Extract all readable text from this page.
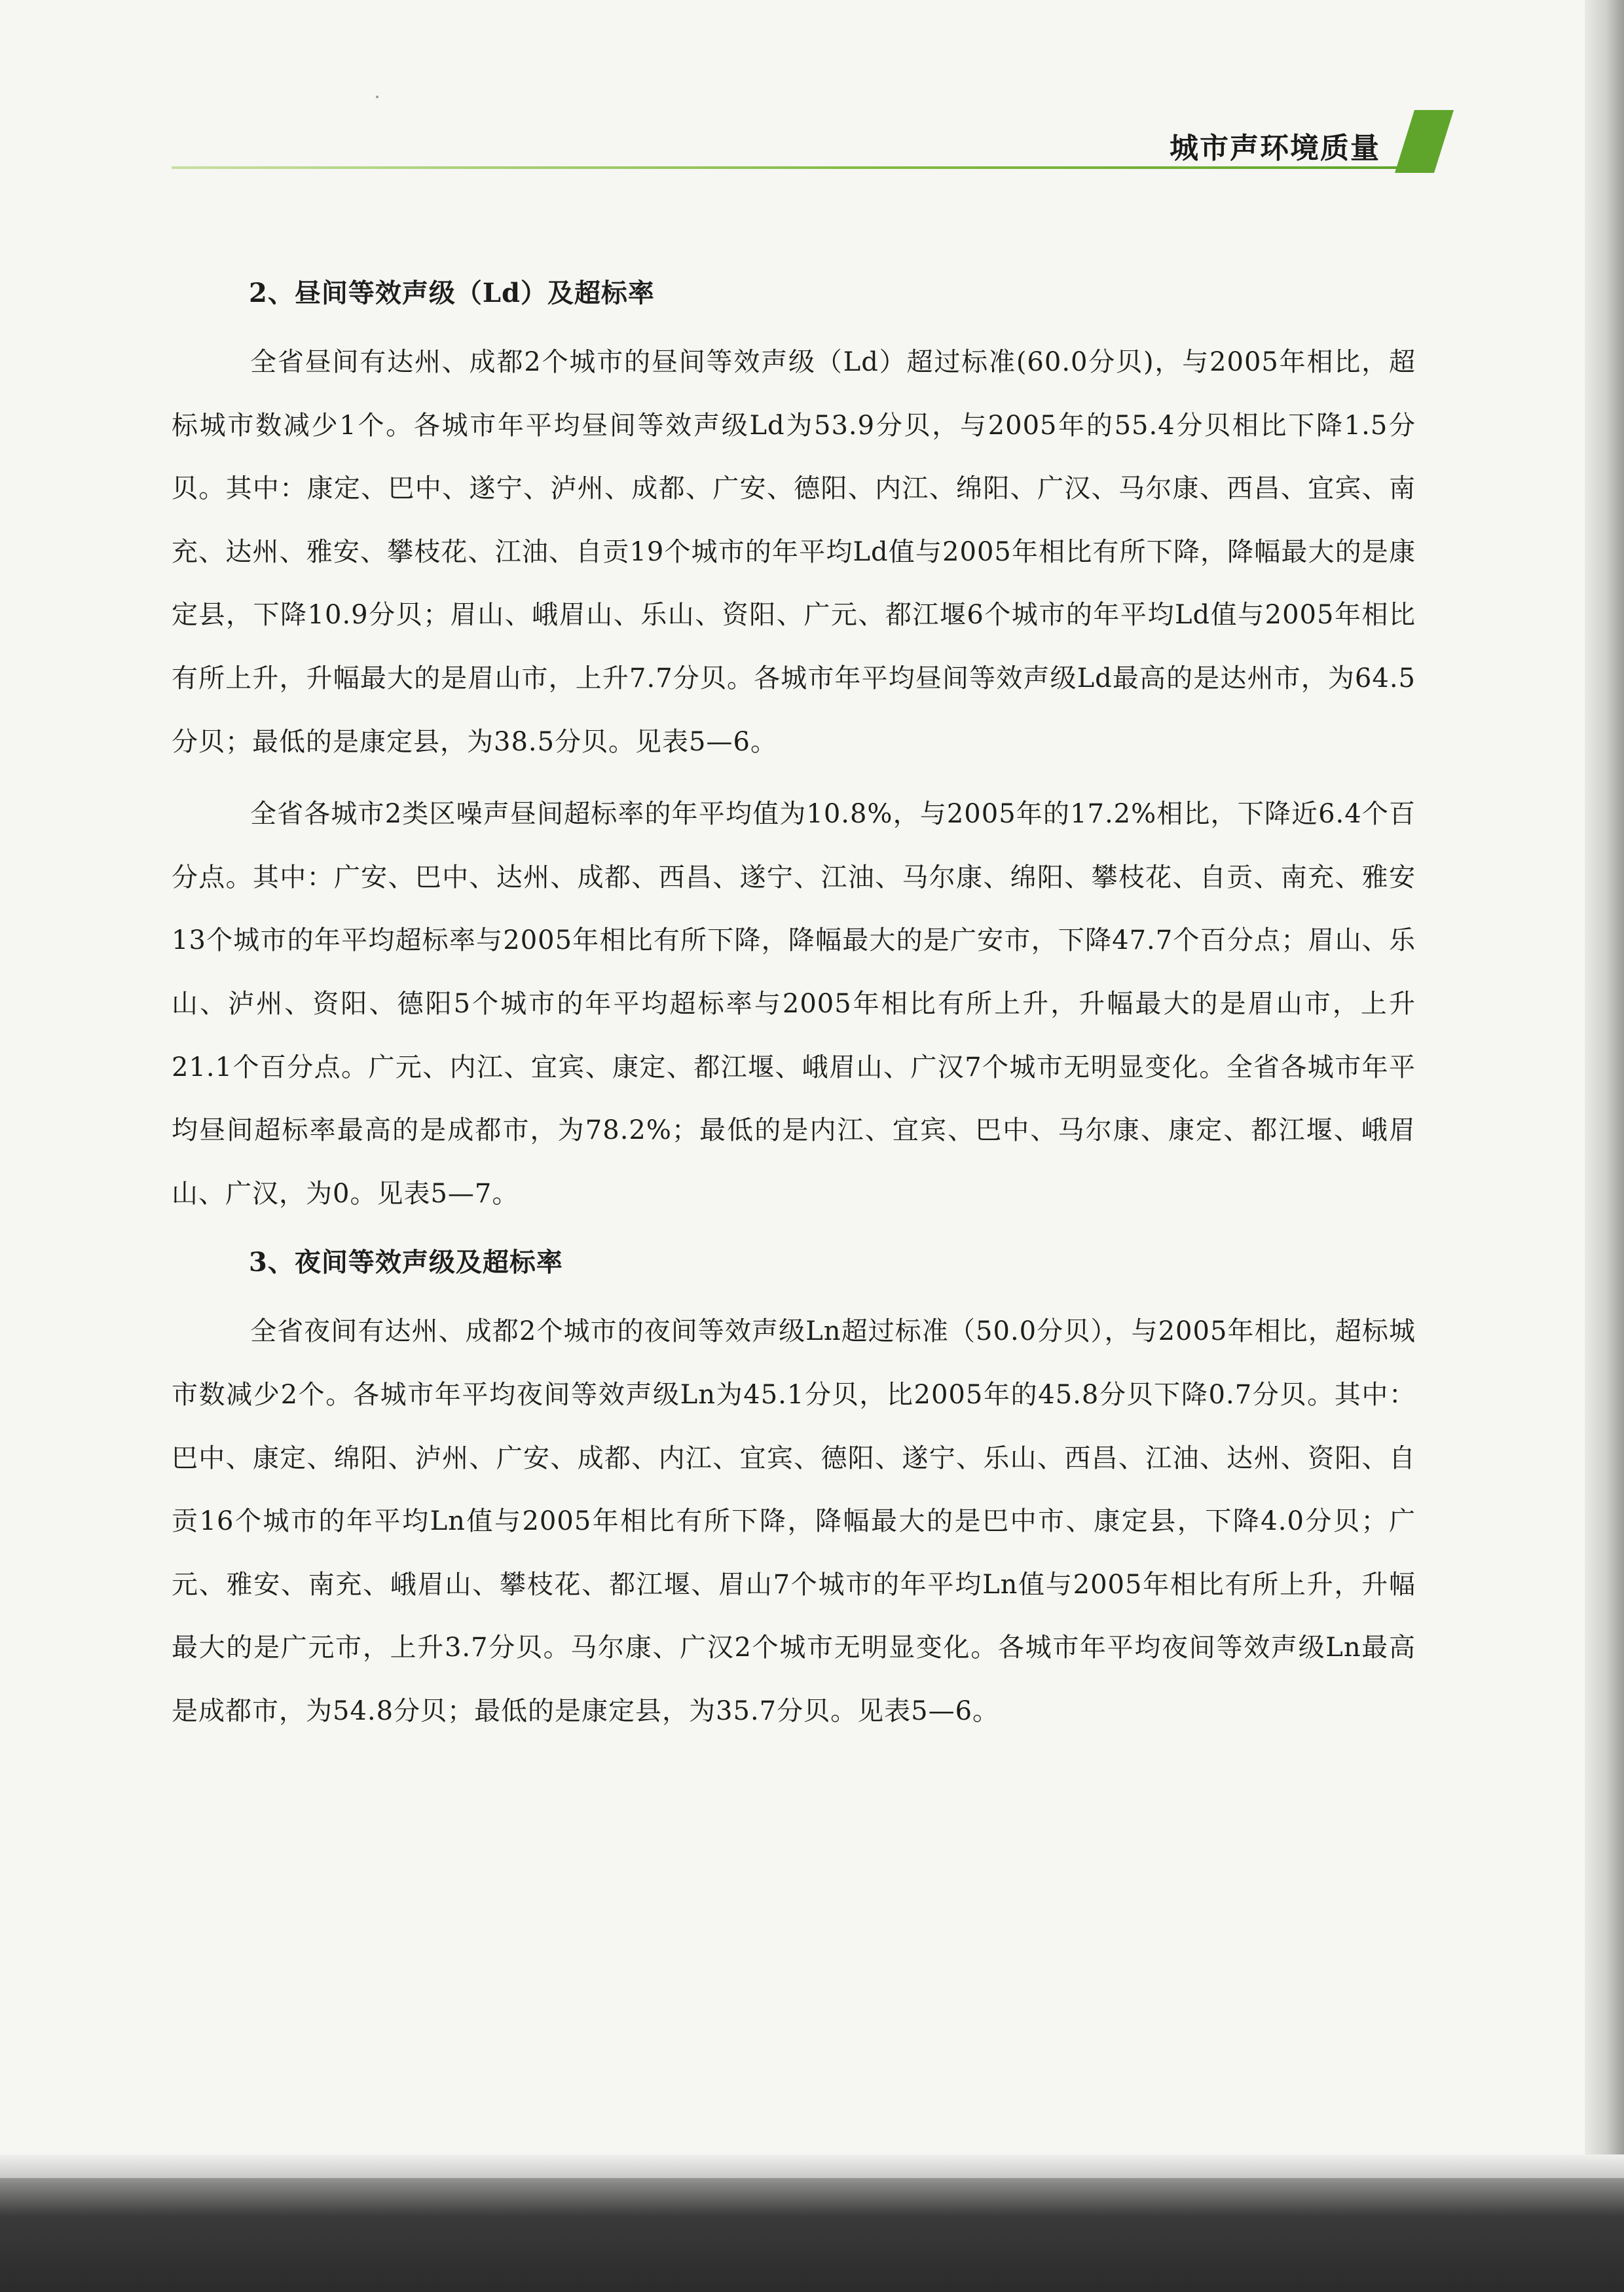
城市声环境质量
2、昼间等效声级（Ld）及超标率

全省昼间有达州、成都2个城市的昼间等效声级（Ld）超过标准(60.0分贝)，与2005年相比，超标城市数减少1个。各城市年平均昼间等效声级Ld为53.9分贝，与2005年的55.4分贝相比下降1.5分贝。其中：康定、巴中、遂宁、泸州、成都、广安、德阳、内江、绵阳、广汉、马尔康、西昌、宜宾、南充、达州、雅安、攀枝花、江油、自贡19个城市的年平均Ld值与2005年相比有所下降，降幅最大的是康定县，下降10.9分贝；眉山、峨眉山、乐山、资阳、广元、都江堰6个城市的年平均Ld值与2005年相比有所上升，升幅最大的是眉山市，上升7.7分贝。各城市年平均昼间等效声级Ld最高的是达州市，为64.5分贝；最低的是康定县，为38.5分贝。见表5—6。

全省各城市2类区噪声昼间超标率的年平均值为10.8%，与2005年的17.2%相比，下降近6.4个百分点。其中：广安、巴中、达州、成都、西昌、遂宁、江油、马尔康、绵阳、攀枝花、自贡、南充、雅安13个城市的年平均超标率与2005年相比有所下降，降幅最大的是广安市，下降47.7个百分点；眉山、乐山、泸州、资阳、德阳5个城市的年平均超标率与2005年相比有所上升，升幅最大的是眉山市，上升21.1个百分点。广元、内江、宜宾、康定、都江堰、峨眉山、广汉7个城市无明显变化。全省各城市年平均昼间超标率最高的是成都市，为78.2%；最低的是内江、宜宾、巴中、马尔康、康定、都江堰、峨眉山、广汉，为0。见表5—7。

3、夜间等效声级及超标率

全省夜间有达州、成都2个城市的夜间等效声级Ln超过标准（50.0分贝），与2005年相比，超标城市数减少2个。各城市年平均夜间等效声级Ln为45.1分贝，比2005年的45.8分贝下降0.7分贝。其中：巴中、康定、绵阳、泸州、广安、成都、内江、宜宾、德阳、遂宁、乐山、西昌、江油、达州、资阳、自贡16个城市的年平均Ln值与2005年相比有所下降，降幅最大的是巴中市、康定县，下降4.0分贝；广元、雅安、南充、峨眉山、攀枝花、都江堰、眉山7个城市的年平均Ln值与2005年相比有所上升，升幅最大的是广元市，上升3.7分贝。马尔康、广汉2个城市无明显变化。各城市年平均夜间等效声级Ln最高是成都市，为54.8分贝；最低的是康定县，为35.7分贝。见表5—6。
